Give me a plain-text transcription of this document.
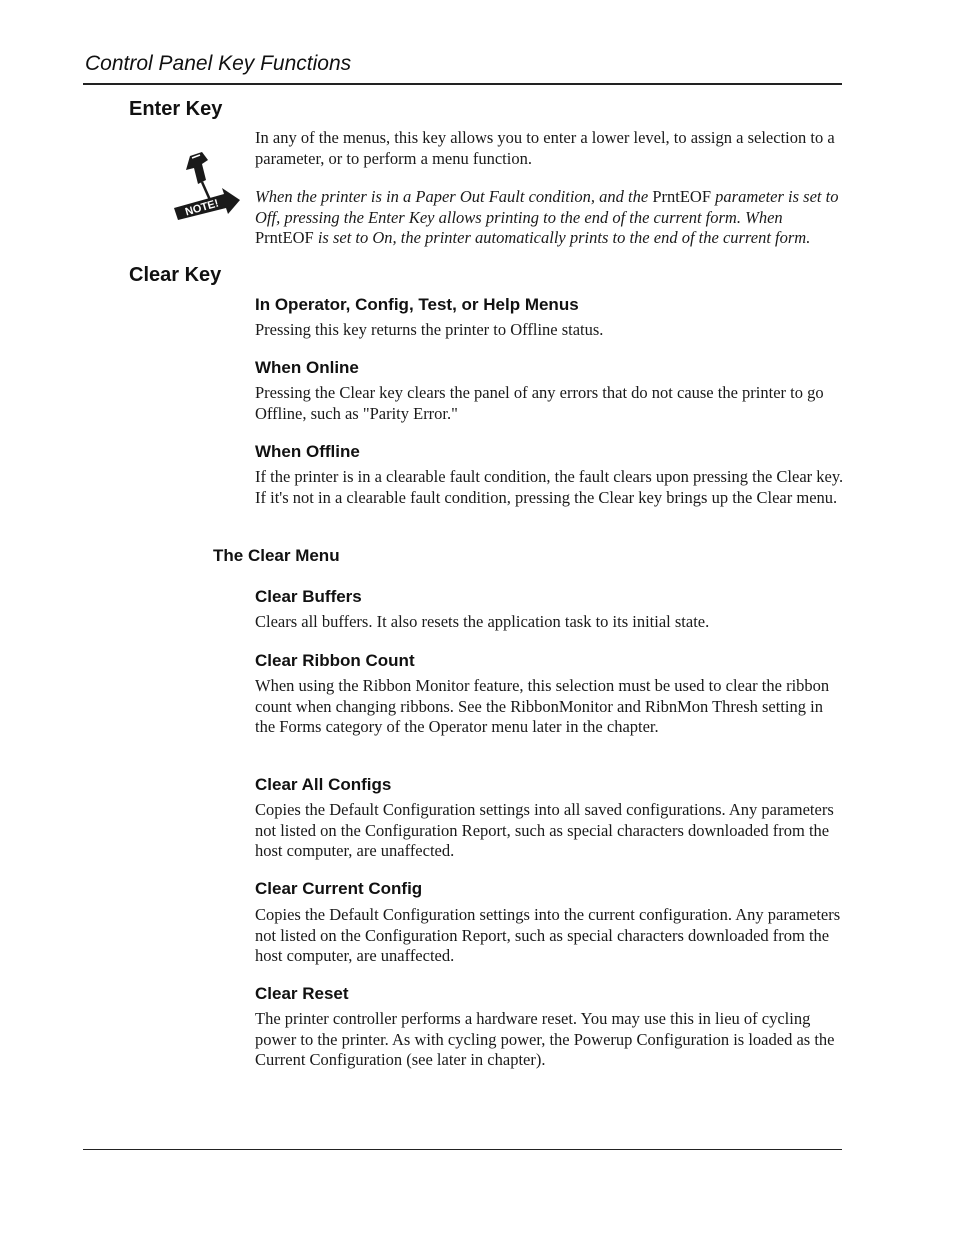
Control Panel Key Functions
Enter Key
In any of the menus, this key allows you to enter a lower level, to assign a selection to a parameter, or to perform a menu function.
NOTE!
When the printer is in a Paper Out Fault condition, and the PrntEOF parameter is set to Off, pressing the Enter Key allows printing to the end of the current form. When PrntEOF is set to On, the printer automatically prints to the end of the current form.
Clear Key
In Operator, Config, Test, or Help Menus
Pressing this key returns the printer to Offline status.
When Online
Pressing the Clear key clears the panel of any errors that do not cause the printer to go Offline, such as "Parity Error."
When Offline
If the printer is in a clearable fault condition, the fault clears upon pressing the Clear key. If it's not in a clearable fault condition, pressing the Clear key brings up the Clear menu.
The Clear Menu
Clear Buffers
Clears all buffers. It also resets the application task to its initial state.
Clear Ribbon Count
When using the Ribbon Monitor feature, this selection must be used to clear the ribbon count when changing ribbons. See the RibbonMonitor and RibnMon Thresh setting in the Forms category of the Operator menu later in the chapter.
Clear All Configs
Copies the Default Configuration settings into all saved configurations. Any parameters not listed on the Configuration Report, such as special characters downloaded from the host computer, are unaffected.
Clear Current Config
Copies the Default Configuration settings into the current configuration. Any parameters not listed on the Configuration Report, such as special characters downloaded from the host computer, are unaffected.
Clear Reset
The printer controller performs a hardware reset. You may use this in lieu of cycling power to the printer. As with cycling power, the Powerup Configuration is loaded as the Current Configuration (see later in chapter).
